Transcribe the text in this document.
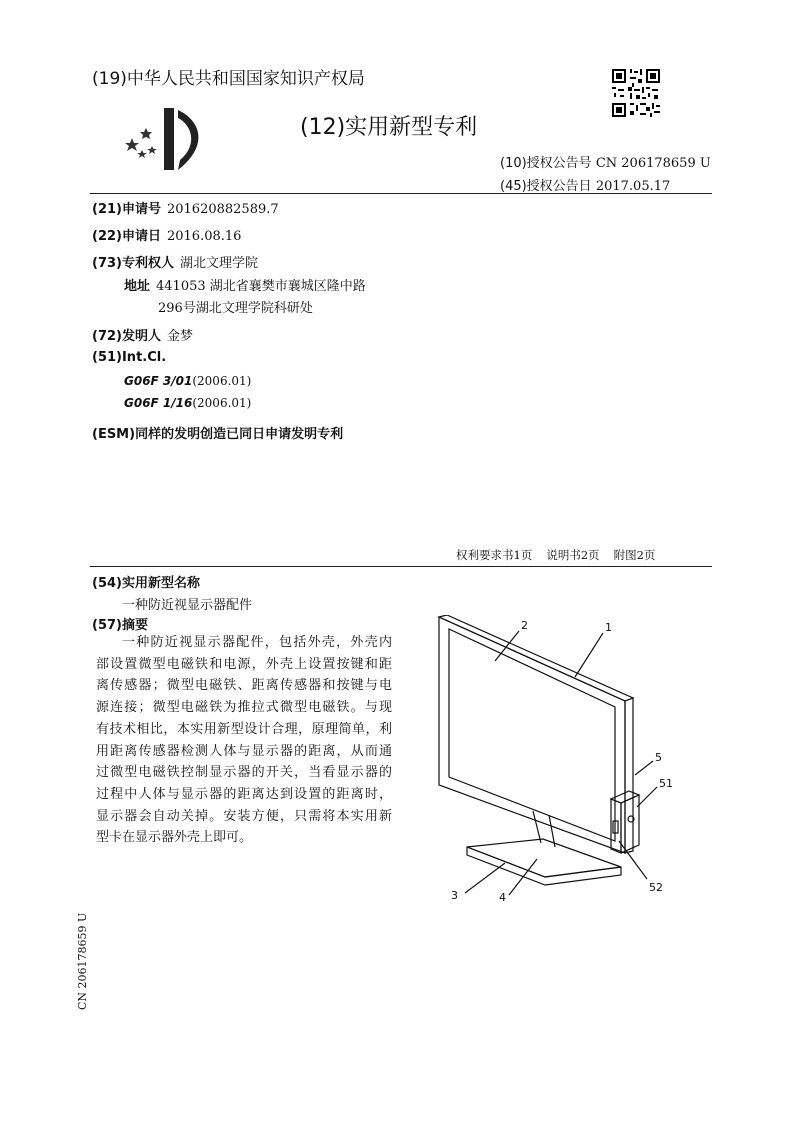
(19)中华人民共和国国家知识产权局
(12)实用新型专利
(10)授权公告号 CN 206178659 U
(45)授权公告日 2017.05.17
(21)申请号 201620882589.7
(22)申请日 2016.08.16
(73)专利权人 湖北文理学院
地址 441053 湖北省襄樊市襄城区隆中路
296号湖北文理学院科研处
(72)发明人 金梦
(51)Int.Cl.
G06F 3/01(2006.01)
G06F 1/16(2006.01)
(ESM)同样的发明创造已同日申请发明专利
权利要求书1页 说明书2页 附图2页
(54)实用新型名称
一种防近视显示器配件
(57)摘要
一种防近视显示器配件，包括外壳，外壳内
部设置微型电磁铁和电源，外壳上设置按键和距
离传感器；微型电磁铁、距离传感器和按键与电
源连接；微型电磁铁为推拉式微型电磁铁。与现
有技术相比，本实用新型设计合理，原理简单，利
用距离传感器检测人体与显示器的距离，从而通
过微型电磁铁控制显示器的开关，当看显示器的
过程中人体与显示器的距离达到设置的距离时，
显示器会自动关掉。安装方便，只需将本实用新
型卡在显示器外壳上即可。
2	1
5
51
52
3	4
CN 206178659 U
